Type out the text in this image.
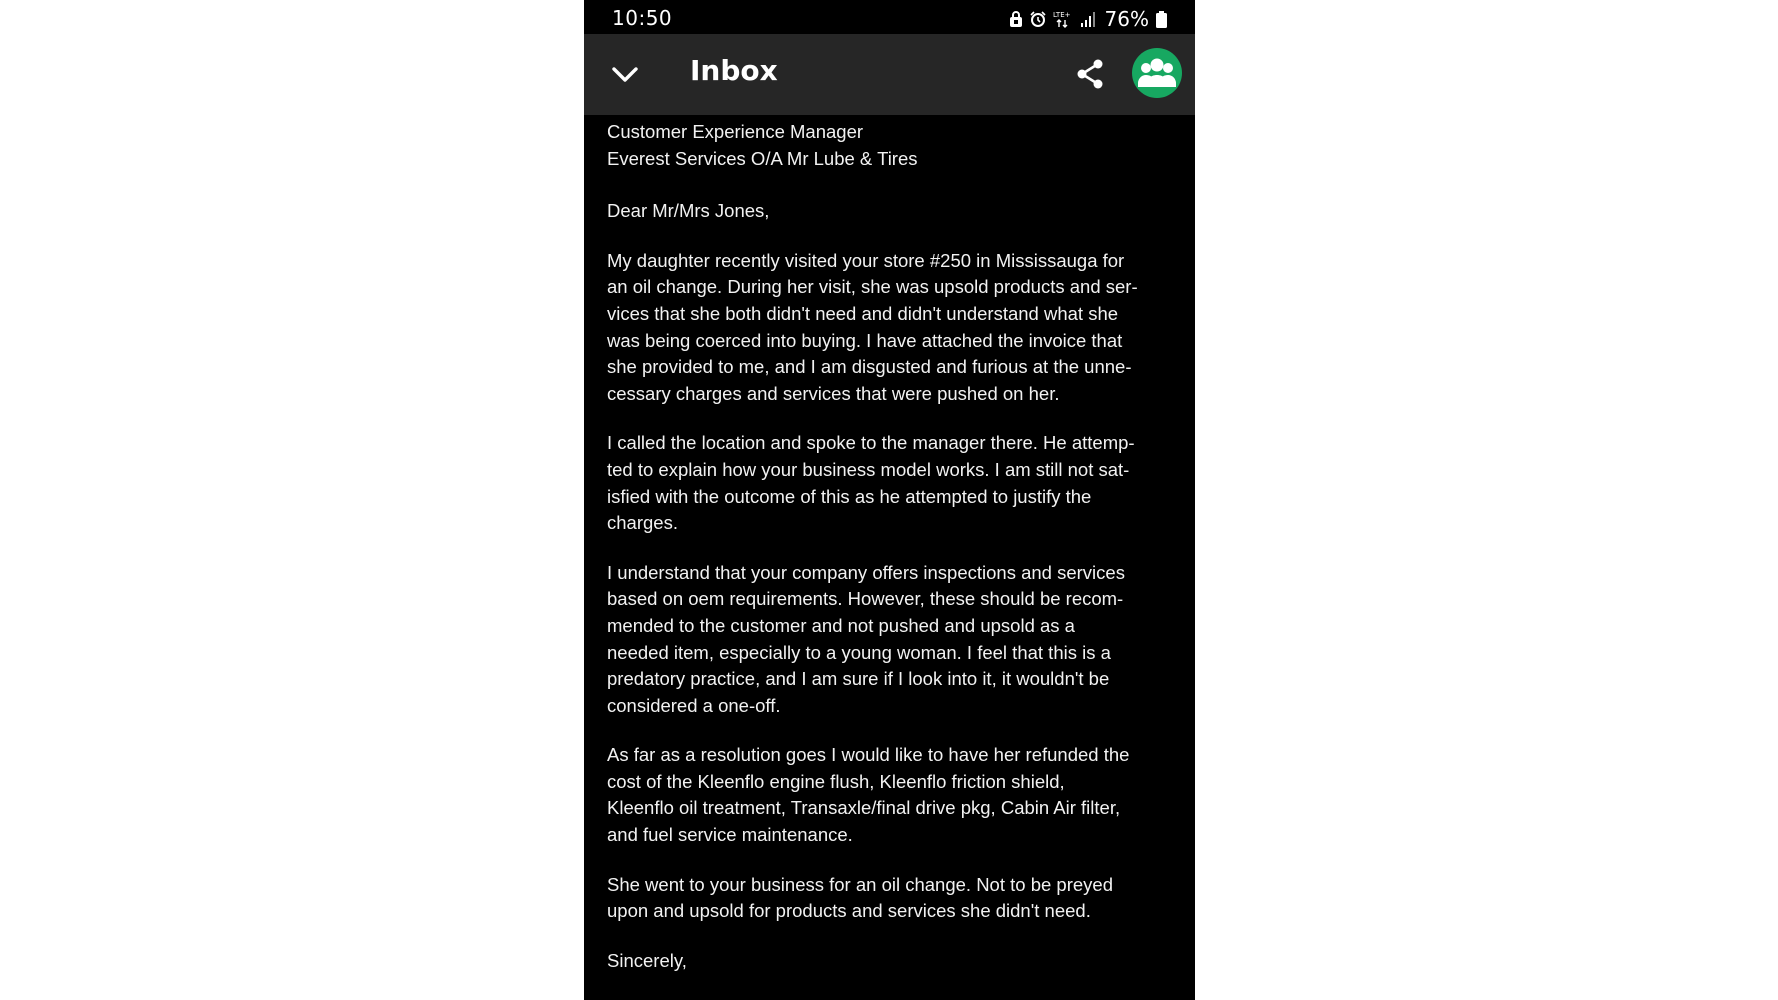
10:50	LTE+ 76%
Inbox

Customer Experience Manager
Everest Services O/A Mr Lube & Tires

Dear Mr/Mrs Jones,

My daughter recently visited your store #250 in Mississauga for
an oil change. During her visit, she was upsold products and ser-
vices that she both didn't need and didn't understand what she
was being coerced into buying. I have attached the invoice that
she provided to me, and I am disgusted and furious at the unne-
cessary charges and services that were pushed on her.

I called the location and spoke to the manager there. He attemp-
ted to explain how your business model works. I am still not sat-
isfied with the outcome of this as he attempted to justify the
charges.

I understand that your company offers inspections and services
based on oem requirements. However, these should be recom-
mended to the customer and not pushed and upsold as a
needed item, especially to a young woman. I feel that this is a
predatory practice, and I am sure if I look into it, it wouldn't be
considered a one-off.

As far as a resolution goes I would like to have her refunded the
cost of the Kleenflo engine flush, Kleenflo friction shield,
Kleenflo oil treatment, Transaxle/final drive pkg, Cabin Air filter,
and fuel service maintenance.

She went to your business for an oil change. Not to be preyed
upon and upsold for products and services she didn't need.

Sincerely,
